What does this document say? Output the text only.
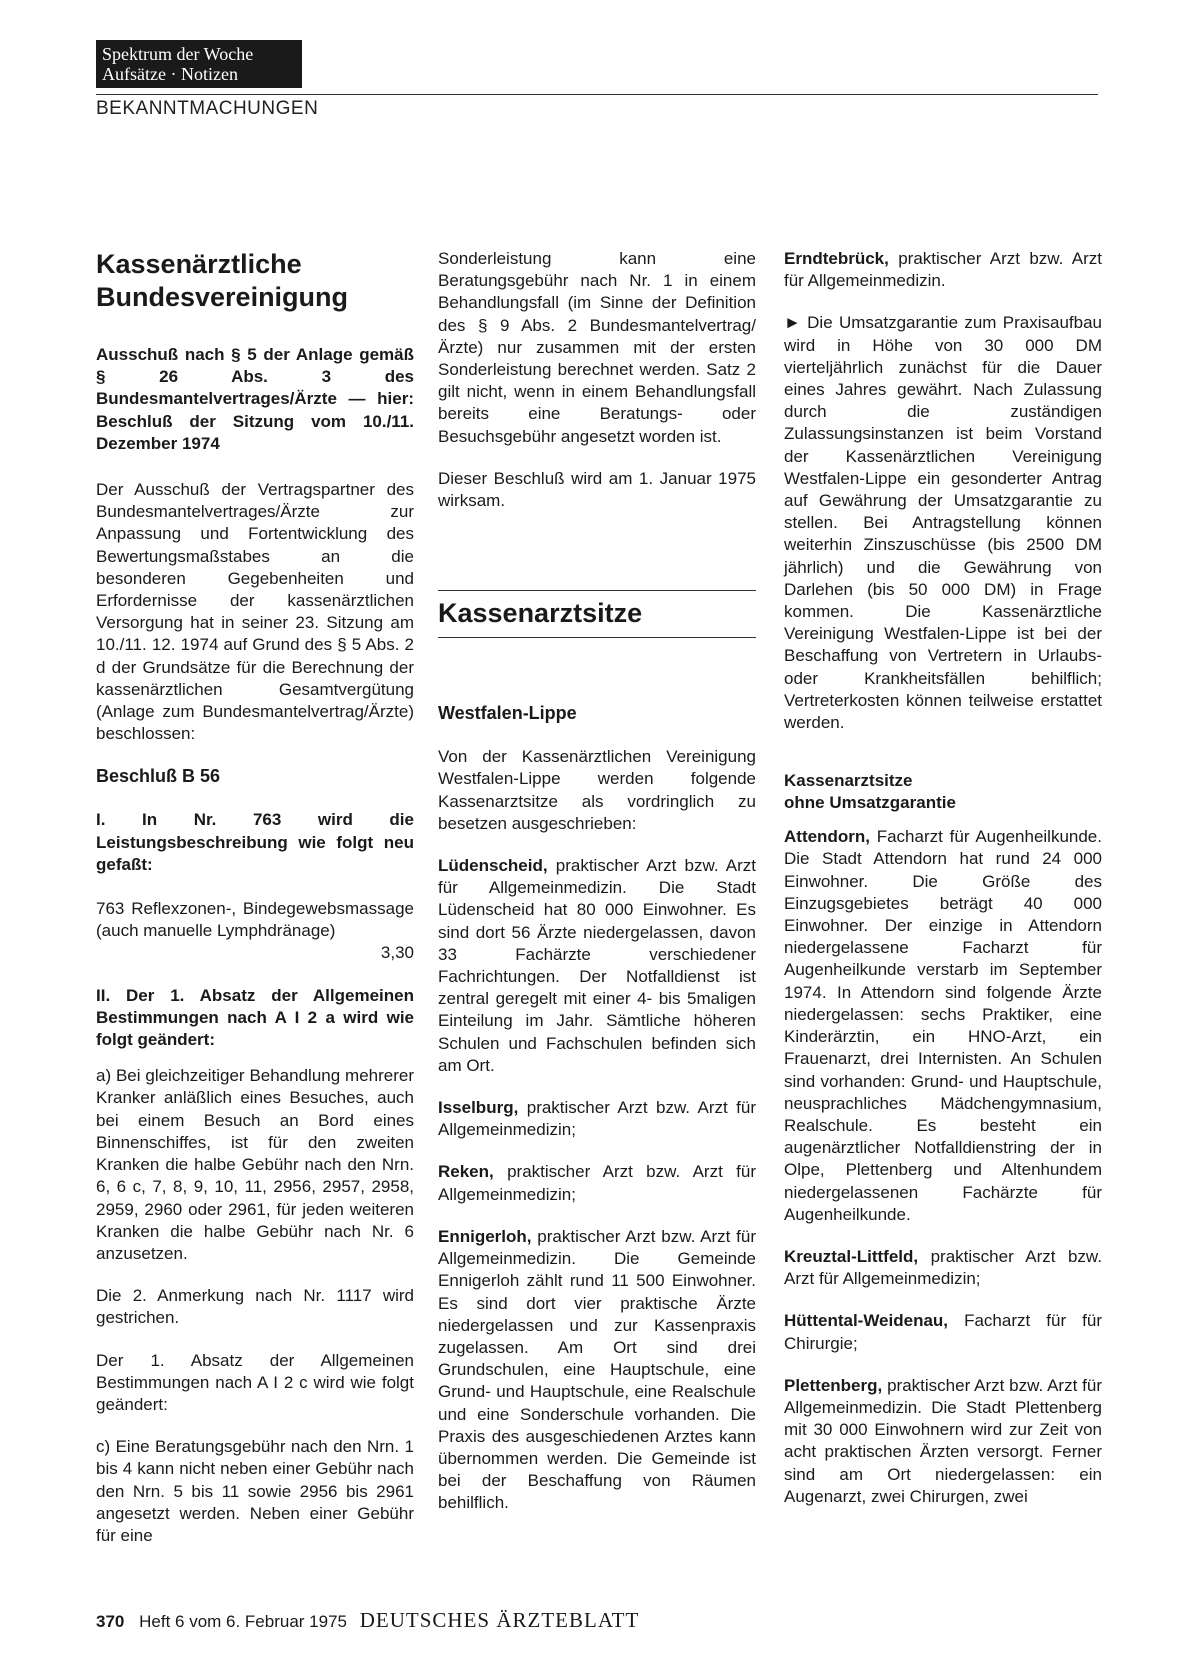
Spektrum der Woche
Aufsätze · Notizen
BEKANNTMACHUNGEN
Kassenärztliche Bundesvereinigung

Ausschuß nach § 5 der Anlage gemäß § 26 Abs. 3 des Bundesmantelvertrages/Ärzte — hier: Beschluß der Sitzung vom 10./11. Dezember 1974

Der Ausschuß der Vertragspartner des Bundesmantelvertrages/Ärzte zur Anpassung und Fortentwicklung des Bewertungsmaßstabes an die besonderen Gegebenheiten und Erfordernisse der kassenärztlichen Versorgung hat in seiner 23. Sitzung am 10./11. 12. 1974 auf Grund des § 5 Abs. 2 d der Grundsätze für die Berechnung der kassenärztlichen Gesamtvergütung (Anlage zum Bundesmantelvertrag/Ärzte) beschlossen:

Beschluß B 56

I. In Nr. 763 wird die Leistungsbeschreibung wie folgt neu gefaßt:

763 Reflexzonen-, Bindegewebsmassage (auch manuelle Lymphdränage)
3,30

II. Der 1. Absatz der Allgemeinen Bestimmungen nach A I 2 a wird wie folgt geändert:

a) Bei gleichzeitiger Behandlung mehrerer Kranker anläßlich eines Besuches, auch bei einem Besuch an Bord eines Binnenschiffes, ist für den zweiten Kranken die halbe Gebühr nach den Nrn. 6, 6 c, 7, 8, 9, 10, 11, 2956, 2957, 2958, 2959, 2960 oder 2961, für jeden weiteren Kranken die halbe Gebühr nach Nr. 6 anzusetzen.

Die 2. Anmerkung nach Nr. 1117 wird gestrichen.

Der 1. Absatz der Allgemeinen Bestimmungen nach A I 2 c wird wie folgt geändert:

c) Eine Beratungsgebühr nach den Nrn. 1 bis 4 kann nicht neben einer Gebühr nach den Nrn. 5 bis 11 sowie 2956 bis 2961 angesetzt werden. Neben einer Gebühr für eine

Sonderleistung kann eine Beratungsgebühr nach Nr. 1 in einem Behandlungsfall (im Sinne der Definition des § 9 Abs. 2 Bundesmantelvertrag/Ärzte) nur zusammen mit der ersten Sonderleistung berechnet werden. Satz 2 gilt nicht, wenn in einem Behandlungsfall bereits eine Beratungs- oder Besuchsgebühr angesetzt worden ist.

Dieser Beschluß wird am 1. Januar 1975 wirksam.

Kassenarztsitze
Westfalen-Lippe

Von der Kassenärztlichen Vereinigung Westfalen-Lippe werden folgende Kassenarztsitze als vordringlich zu besetzen ausgeschrieben:

Lüdenscheid, praktischer Arzt bzw. Arzt für Allgemeinmedizin. Die Stadt Lüdenscheid hat 80 000 Einwohner. Es sind dort 56 Ärzte niedergelassen, davon 33 Fachärzte verschiedener Fachrichtungen. Der Notfalldienst ist zentral geregelt mit einer 4- bis 5maligen Einteilung im Jahr. Sämtliche höheren Schulen und Fachschulen befinden sich am Ort.

Isselburg, praktischer Arzt bzw. Arzt für Allgemeinmedizin;

Reken, praktischer Arzt bzw. Arzt für Allgemeinmedizin;

Ennigerloh, praktischer Arzt bzw. Arzt für Allgemeinmedizin. Die Gemeinde Ennigerloh zählt rund 11 500 Einwohner. Es sind dort vier praktische Ärzte niedergelassen und zur Kassenpraxis zugelassen. Am Ort sind drei Grundschulen, eine Hauptschule, eine Grund- und Hauptschule, eine Realschule und eine Sonderschule vorhanden. Die Praxis des ausgeschiedenen Arztes kann übernommen werden. Die Gemeinde ist bei der Beschaffung von Räumen behilflich.

Erndtebrück, praktischer Arzt bzw. Arzt für Allgemeinmedizin.

► Die Umsatzgarantie zum Praxisaufbau wird in Höhe von 30 000 DM vierteljährlich zunächst für die Dauer eines Jahres gewährt. Nach Zulassung durch die zuständigen Zulassungsinstanzen ist beim Vorstand der Kassenärztlichen Vereinigung Westfalen-Lippe ein gesonderter Antrag auf Gewährung der Umsatzgarantie zu stellen. Bei Antragstellung können weiterhin Zinszuschüsse (bis 2500 DM jährlich) und die Gewährung von Darlehen (bis 50 000 DM) in Frage kommen. Die Kassenärztliche Vereinigung Westfalen-Lippe ist bei der Beschaffung von Vertretern in Urlaubs- oder Krankheitsfällen behilflich; Vertreterkosten können teilweise erstattet werden.

Kassenarztsitze
ohne Umsatzgarantie

Attendorn, Facharzt für Augenheilkunde. Die Stadt Attendorn hat rund 24 000 Einwohner. Die Größe des Einzugsgebietes beträgt 40 000 Einwohner. Der einzige in Attendorn niedergelassene Facharzt für Augenheilkunde verstarb im September 1974. In Attendorn sind folgende Ärzte niedergelassen: sechs Praktiker, eine Kinderärztin, ein HNO-Arzt, ein Frauenarzt, drei Internisten. An Schulen sind vorhanden: Grund- und Hauptschule, neusprachliches Mädchengymnasium, Realschule. Es besteht ein augenärztlicher Notfalldienstring der in Olpe, Plettenberg und Altenhundem niedergelassenen Fachärzte für Augenheilkunde.

Kreuztal-Littfeld, praktischer Arzt bzw. Arzt für Allgemeinmedizin;

Hüttental-Weidenau, Facharzt für für Chirurgie;

Plettenberg, praktischer Arzt bzw. Arzt für Allgemeinmedizin. Die Stadt Plettenberg mit 30 000 Einwohnern wird zur Zeit von acht praktischen Ärzten versorgt. Ferner sind am Ort niedergelassen: ein Augenarzt, zwei Chirurgen, zwei

370 Heft 6 vom 6. Februar 1975 DEUTSCHES ÄRZTEBLATT
